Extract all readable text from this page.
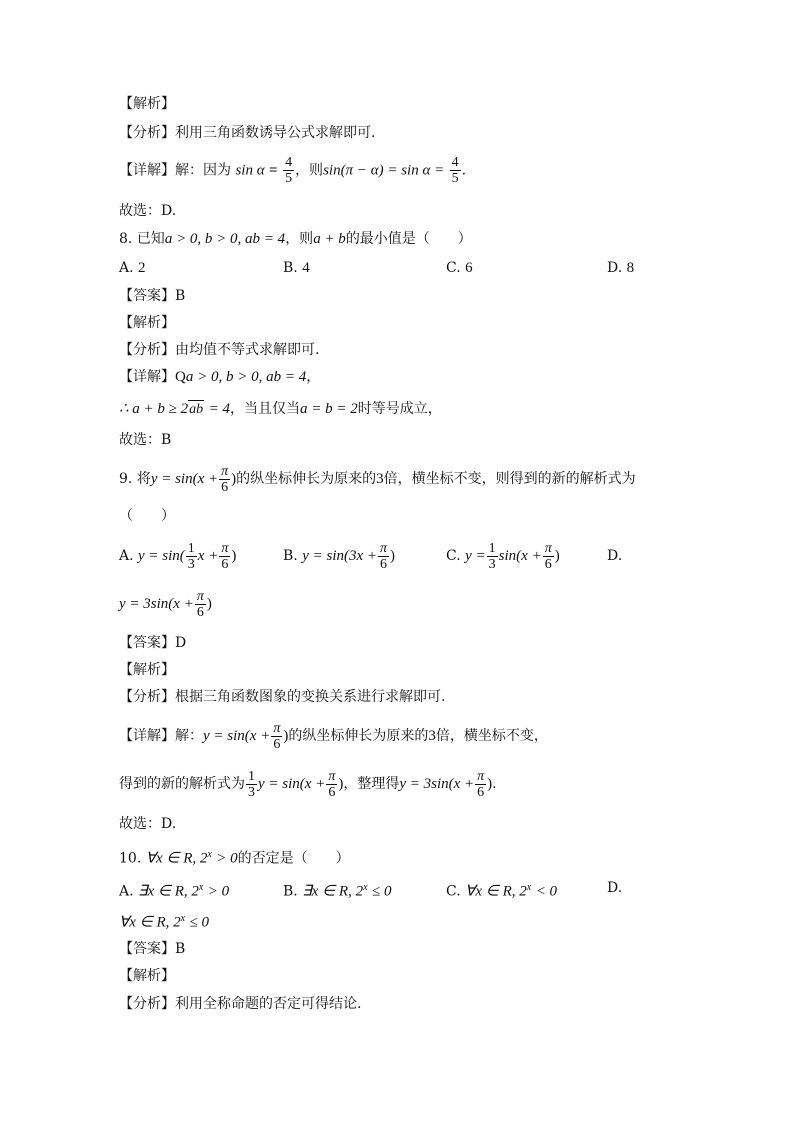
【解析】
【分析】利用三角函数诱导公式求解即可.
【详解】解：因为 $\sin \alpha = \frac{4}{5}$ ，则$\sin(\pi - \alpha) = \sin \alpha = \frac{4}{5}$ .
故选：D.
8. 已知a > 0, b > 0, ab = 4，则a + b的最小值是（　　）
A. 2	B. 4	C. 6	D. 8
【答案】B
【解析】
【分析】由均值不等式求解即可.
【详解】Qa > 0, b > 0, ab = 4，
∴ a + b ≥ 2ab = 4，当且仅当a = b = 2时等号成立，
故选：B
9. 将$y = \sin(x + \frac{\pi}{6}$ )的纵坐标伸长为原来的3倍，横坐标不变，则得到的新的解析式为
（　　）
A. $y = \sin( \frac{1}{3}$ $x + \frac{\pi}{6}$ )	B. $y = \sin(3x + \frac{\pi}{6}$ )	C. $y = \frac{1}{3} \sin(x + \frac{\pi}{6}$ )	D.
$y = 3\sin(x + \frac{\pi}{6}$ )
【答案】D
【解析】
【分析】根据三角函数图象的变换关系进行求解即可.
【详解】解：$y = \sin(x + \frac{\pi}{6}$ )的纵坐标伸长为原来的3倍，横坐标不变，
得到的新的解析式为 $\frac{1}{3}$ $y = \sin(x + \frac{\pi}{6}$ )，整理得$y = 3\sin(x + \frac{\pi}{6}$ ).
故选：D.
10. ∀x ∈ R, $2^x > 0$的否定是（　　）
A. ∃x ∈ R, $2^x > 0$	B. ∃x ∈ R, $2^x \le 0$	C. ∀x ∈ R, $2^x < 0$	D.
∀x ∈ R, $2^x \le 0$
【答案】B
【解析】
【分析】利用全称命题的否定可得结论.
